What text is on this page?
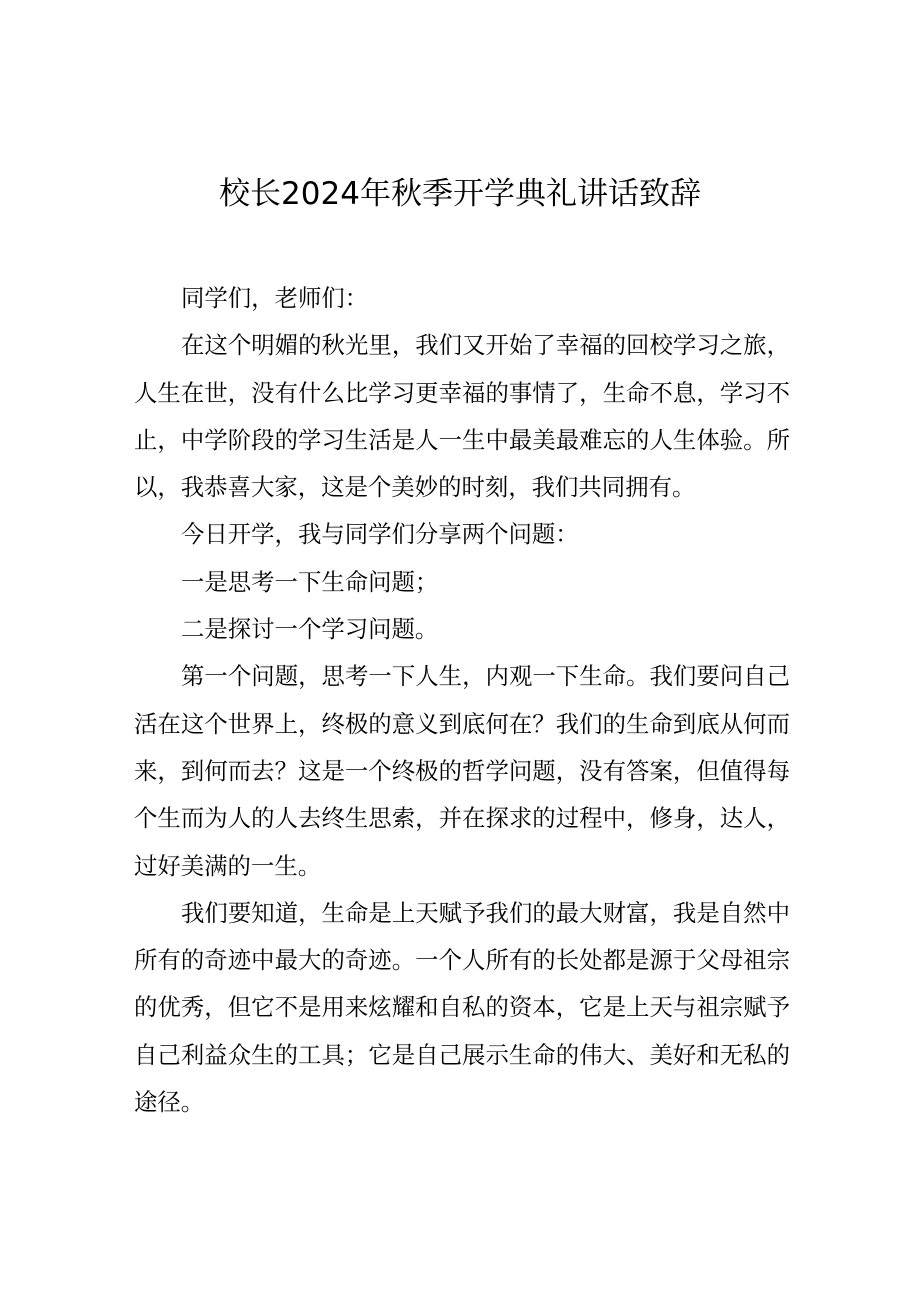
校长2024年秋季开学典礼讲话致辞

同学们，老师们：

在这个明媚的秋光里，我们又开始了幸福的回校学习之旅，人生在世，没有什么比学习更幸福的事情了，生命不息，学习不止，中学阶段的学习生活是人一生中最美最难忘的人生体验。所以，我恭喜大家，这是个美妙的时刻，我们共同拥有。

今日开学，我与同学们分享两个问题：

一是思考一下生命问题；

二是探讨一个学习问题。

第一个问题，思考一下人生，内观一下生命。我们要问自己活在这个世界上，终极的意义到底何在？我们的生命到底从何而来，到何而去？这是一个终极的哲学问题，没有答案，但值得每个生而为人的人去终生思索，并在探求的过程中，修身，达人，过好美满的一生。

我们要知道，生命是上天赋予我们的最大财富，我是自然中所有的奇迹中最大的奇迹。一个人所有的长处都是源于父母祖宗的优秀，但它不是用来炫耀和自私的资本，它是上天与祖宗赋予自己利益众生的工具；它是自己展示生命的伟大、美好和无私的途径。
